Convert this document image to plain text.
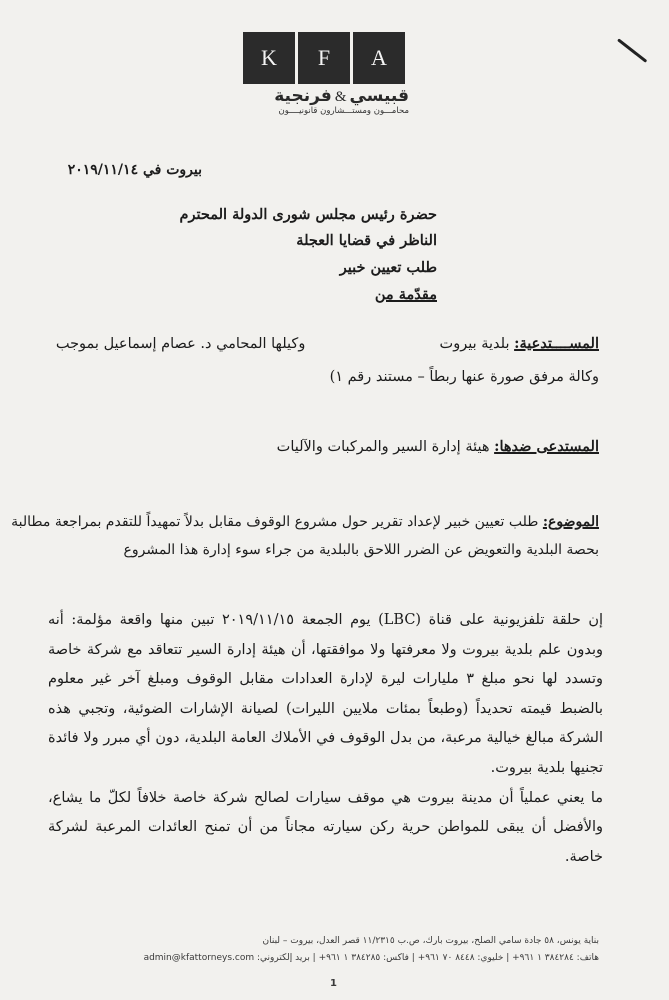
K	F	A
قبيسي&فرنجية
محامـــون ومستـــشارون قانونيــــون
بيروت في ٢٠١٩/١١/١٤
حضرة رئيس مجلس شورى الدولة المحترم
الناظر في قضايا العجلة
طلب تعيين خبير
مقدّمة من
المســــتدعية: بلدية بيروت  وكيلها المحامي د. عصام إسماعيل بموجب
وكالة مرفق صورة عنها ربطاً – مستند رقم ١)
المستدعى ضدها: هيئة إدارة السير والمركبات والآليات
الموضوع: طلب تعيين خبير لإعداد تقرير حول مشروع الوقوف مقابل بدلاً تمهيداً للتقدم بمراجعة مطالبة
بحصة البلدية والتعويض عن الضرر اللاحق بالبلدية من جراء سوء إدارة هذا المشروع

إن حلقة تلفزيونية على قناة (LBC) يوم الجمعة ٢٠١٩/١١/١٥ تبين منها واقعة مؤلمة: أنه وبدون علم بلدية بيروت ولا معرفتها ولا موافقتها، أن هيئة إدارة السير تتعاقد مع شركة خاصة وتسدد لها نحو مبلغ ٣ مليارات ليرة لإدارة العدادات مقابل الوقوف ومبلغ آخر غير معلوم بالضبط قيمته تحديداً (وطبعاً بمئات ملايين الليرات) لصيانة الإشارات الضوئية، وتجبي هذه الشركة مبالغ خيالية مرعبة، من بدل الوقوف في الأملاك العامة البلدية، دون أي مبرر ولا فائدة تجنيها بلدية بيروت.

ما يعني عملياً أن مدينة بيروت هي موقف سيارات لصالح شركة خاصة خلافاً لكلّ ما يشاع، والأفضل أن يبقى للمواطن حرية ركن سيارته مجاناً من أن تمنح العائدات المرعبة لشركة خاصة.

بناية يونس، ٥٨ جادة سامي الصلح، بيروت بارك، ص.ب ١١/٢٣١٥ قصر العدل، بيروت – لبنان
هاتف: ٣٨٤٢٨٤ ١ ٩٦١+ | خليوي: ٨٤٤٨ ٧٠ ٩٦١+ | فاكس: ٣٨٤٢٨٥ ١ ٩٦١+ | بريد إلكتروني: admin@kfattorneys.com
1
